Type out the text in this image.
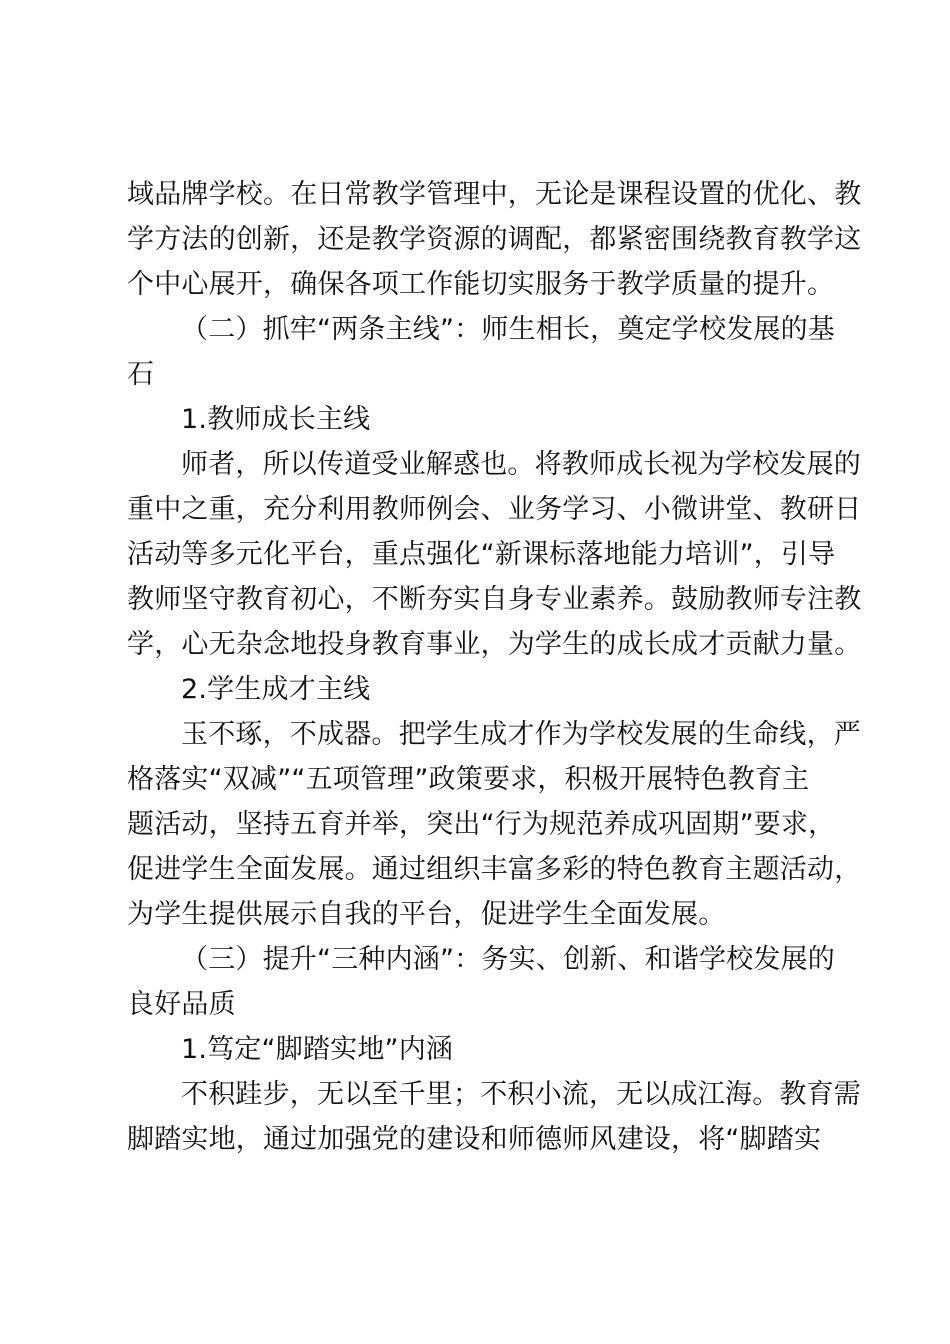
域品牌学校。在日常教学管理中，无论是课程设置的优化、教
学方法的创新，还是教学资源的调配，都紧密围绕教育教学这
个中心展开，确保各项工作能切实服务于教学质量的提升。
（二）抓牢“两条主线”：师生相长，奠定学校发展的基
石
1.教师成长主线
师者，所以传道受业解惑也。将教师成长视为学校发展的
重中之重，充分利用教师例会、业务学习、小微讲堂、教研日
活动等多元化平台，重点强化“新课标落地能力培训”，引导
教师坚守教育初心，不断夯实自身专业素养。鼓励教师专注教
学，心无杂念地投身教育事业，为学生的成长成才贡献力量。
2.学生成才主线
玉不琢，不成器。把学生成才作为学校发展的生命线，严
格落实“双减”“五项管理”政策要求，积极开展特色教育主
题活动，坚持五育并举，突出“行为规范养成巩固期”要求，
促进学生全面发展。通过组织丰富多彩的特色教育主题活动，
为学生提供展示自我的平台，促进学生全面发展。
（三）提升“三种内涵”：务实、创新、和谐学校发展的
良好品质
1.笃定“脚踏实地”内涵
不积跬步，无以至千里；不积小流，无以成江海。教育需
脚踏实地，通过加强党的建设和师德师风建设，将“脚踏实
